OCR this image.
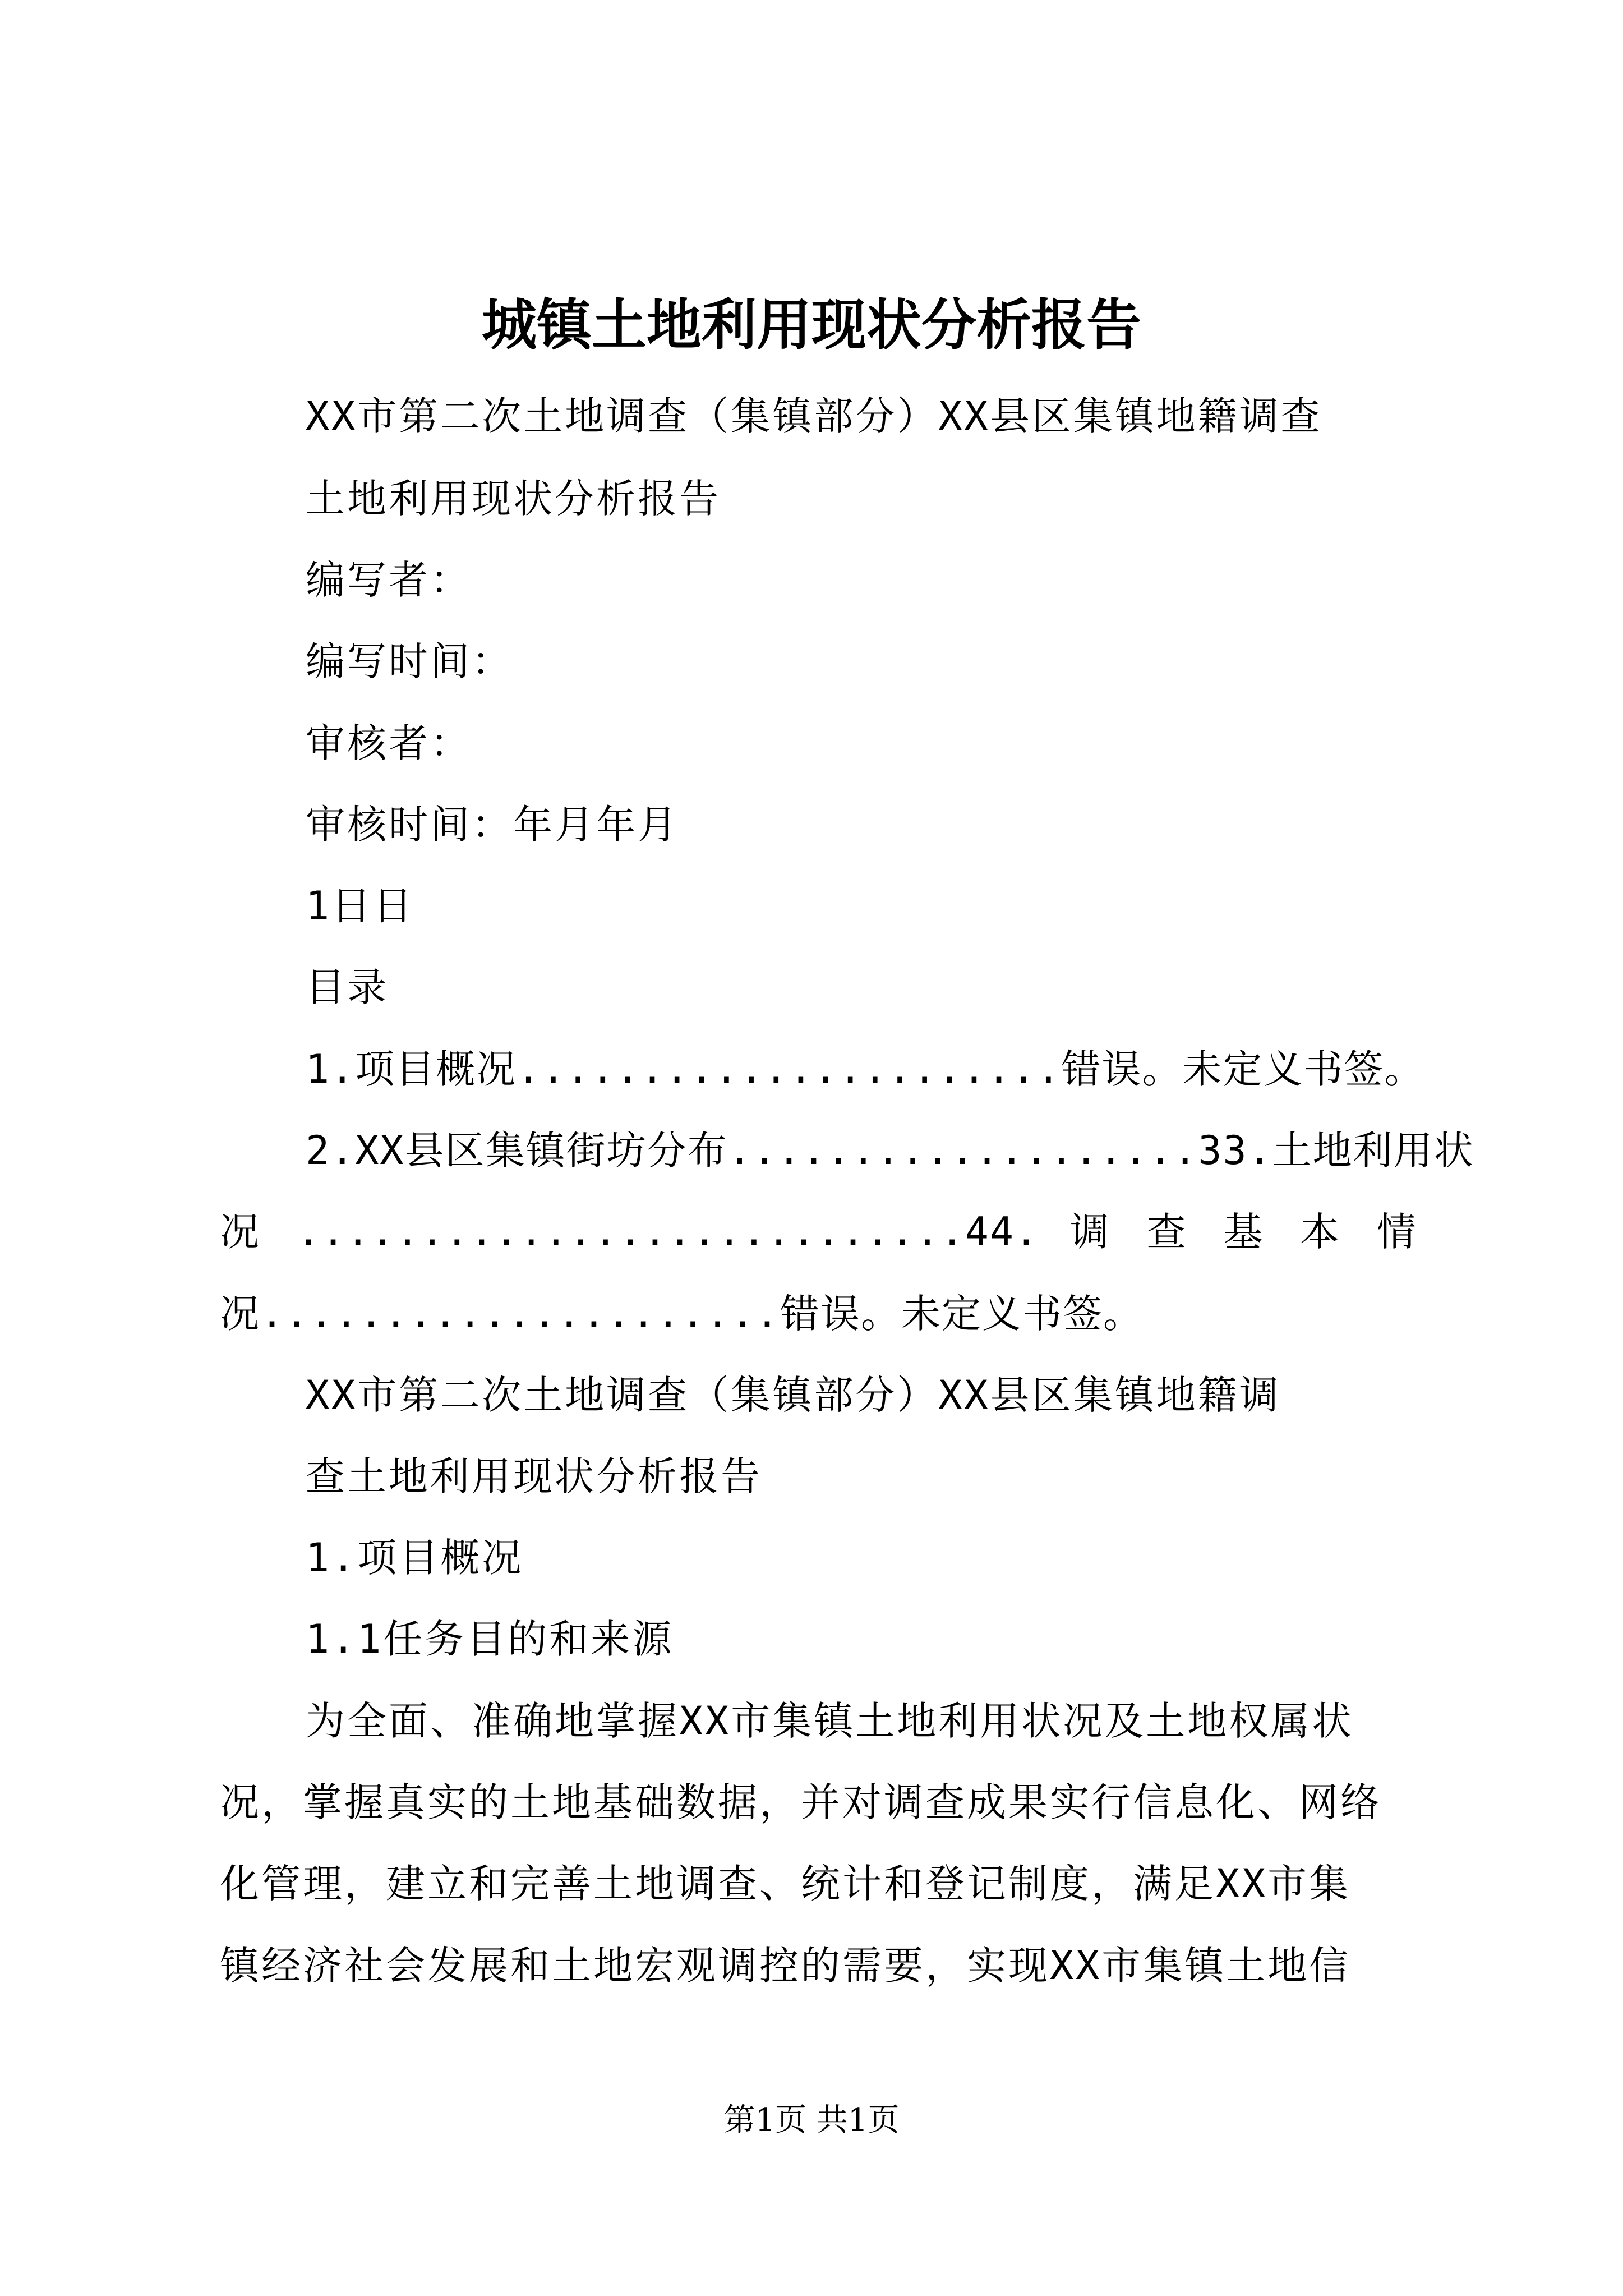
城镇土地利用现状分析报告
XX市第二次土地调查（集镇部分）XX县区集镇地籍调查
土地利用现状分析报告
编写者：
编写时间：
审核者：
审核时间：年月年月
1日日
目录
1.项目概况......................错误。未定义书签。
2.XX县区集镇街坊分布...................33.土地利用状
况 ...........................44. 调 查 基 本 情
况.....................错误。未定义书签。
XX市第二次土地调查（集镇部分）XX县区集镇地籍调
查土地利用现状分析报告
1.项目概况
1.1任务目的和来源
为全面、准确地掌握XX市集镇土地利用状况及土地权属状
况，掌握真实的土地基础数据，并对调查成果实行信息化、网络
化管理，建立和完善土地调查、统计和登记制度，满足XX市集
镇经济社会发展和土地宏观调控的需要，实现XX市集镇土地信
第1页 共1页
